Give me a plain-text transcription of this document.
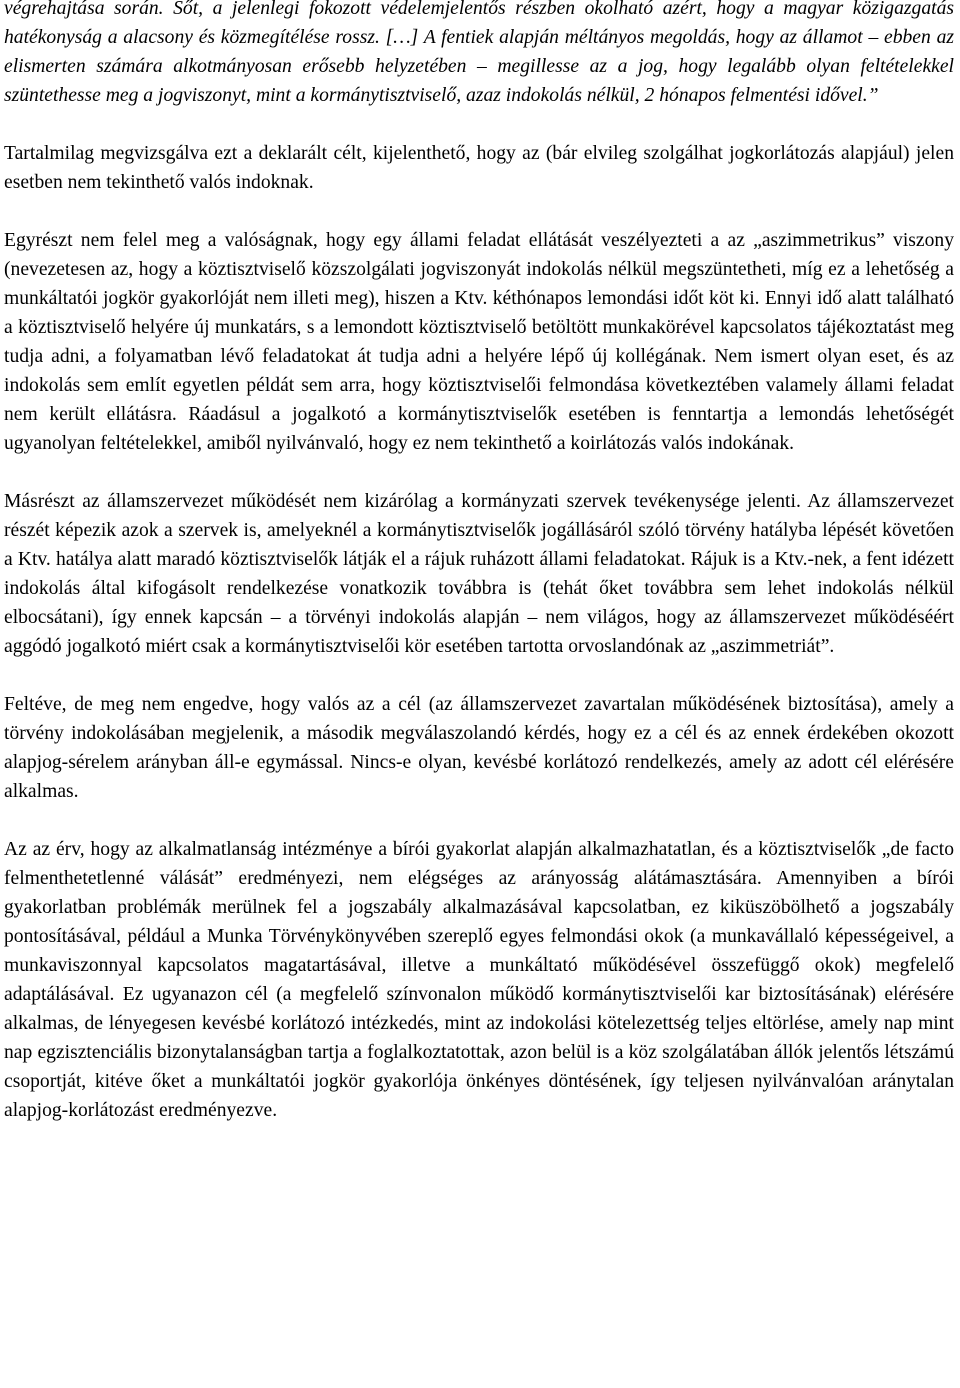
végrehajtása során. Sőt, a jelenlegi fokozott védelemjelentős részben okolható azért, hogy a magyar közigazgatás hatékonyság a alacsony és közmegítélése rossz. […] A fentiek alapján méltányos megoldás, hogy az államot ‒ ebben az elismerten számára alkotmányosan erősebb helyzetében ‒ megillesse az a jog, hogy legalább olyan feltételekkel szüntethesse meg a jogviszonyt, mint a kormánytisztviselő, azaz indokolás nélkül, 2 hónapos felmentési idővel.”

Tartalmilag megvizsgálva ezt a deklarált célt, kijelenthető, hogy az (bár elvileg szolgálhat jogkorlátozás alapjául) jelen esetben nem tekinthető valós indoknak.

Egyrészt nem felel meg a valóságnak, hogy egy állami feladat ellátását veszélyezteti a az „aszimmetrikus” viszony (nevezetesen az, hogy a köztisztviselő közszolgálati jogviszonyát indokolás nélkül megszüntetheti, míg ez a lehetőség a munkáltatói jogkör gyakorlóját nem illeti meg), hiszen a Ktv. kéthónapos lemondási időt köt ki. Ennyi idő alatt található a köztisztviselő helyére új munkatárs, s a lemondott köztisztviselő betöltött munkakörével kapcsolatos tájékoztatást meg tudja adni, a folyamatban lévő feladatokat át tudja adni a helyére lépő új kollégának. Nem ismert olyan eset, és az indokolás sem említ egyetlen példát sem arra, hogy köztisztviselői felmondása következtében valamely állami feladat nem került ellátásra. Ráadásul a jogalkotó a kormánytisztviselők esetében is fenntartja a lemondás lehetőségét ugyanolyan feltételekkel, amiből nyilvánvaló, hogy ez nem tekinthető a koirlátozás valós indokának.

Másrészt az államszervezet működését nem kizárólag a kormányzati szervek tevékenysége jelenti. Az államszervezet részét képezik azok a szervek is, amelyeknél a kormánytisztviselők jogállásáról szóló törvény hatályba lépését követően a Ktv. hatálya alatt maradó köztisztviselők látják el a rájuk ruházott állami feladatokat. Rájuk is a Ktv.-nek, a fent idézett indokolás által kifogásolt rendelkezése vonatkozik továbbra is (tehát őket továbbra sem lehet indokolás nélkül elbocsátani), így ennek kapcsán ‒ a törvényi indokolás alapján ‒ nem világos, hogy az államszervezet működéséért aggódó jogalkotó miért csak a kormánytisztviselői kör esetében tartotta orvoslandónak az „aszimmetriát”.

Feltéve, de meg nem engedve, hogy valós az a cél (az államszervezet zavartalan működésének biztosítása), amely a törvény indokolásában megjelenik, a második megválaszolandó kérdés, hogy ez a cél és az ennek érdekében okozott alapjog-sérelem arányban áll-e egymással. Nincs-e olyan, kevésbé korlátozó rendelkezés, amely az adott cél elérésére alkalmas.

Az az érv, hogy az alkalmatlanság intézménye a bírói gyakorlat alapján alkalmazhatatlan, és a köztisztviselők „de facto felmenthetetlenné válását” eredményezi, nem elégséges az arányosság alátámasztására. Amennyiben a bírói gyakorlatban problémák merülnek fel a jogszabály alkalmazásával kapcsolatban, ez kiküszöbölhető a jogszabály pontosításával, például a Munka Törvénykönyvében szereplő egyes felmondási okok (a munkavállaló képességeivel, a munkaviszonnyal kapcsolatos magatartásával, illetve a munkáltató működésével összefüggő okok) megfelelő adaptálásával. Ez ugyanazon cél (a megfelelő színvonalon működő kormánytisztviselői kar biztosításának) elérésére alkalmas, de lényegesen kevésbé korlátozó intézkedés, mint az indokolási kötelezettség teljes eltörlése, amely nap mint nap egzisztenciális bizonytalanságban tartja a foglalkoztatottak, azon belül is a köz szolgálatában állók jelentős létszámú csoportját, kitéve őket a munkáltatói jogkör gyakorlója önkényes döntésének, így teljesen nyilvánvalóan aránytalan alapjog-korlátozást eredményezve.
